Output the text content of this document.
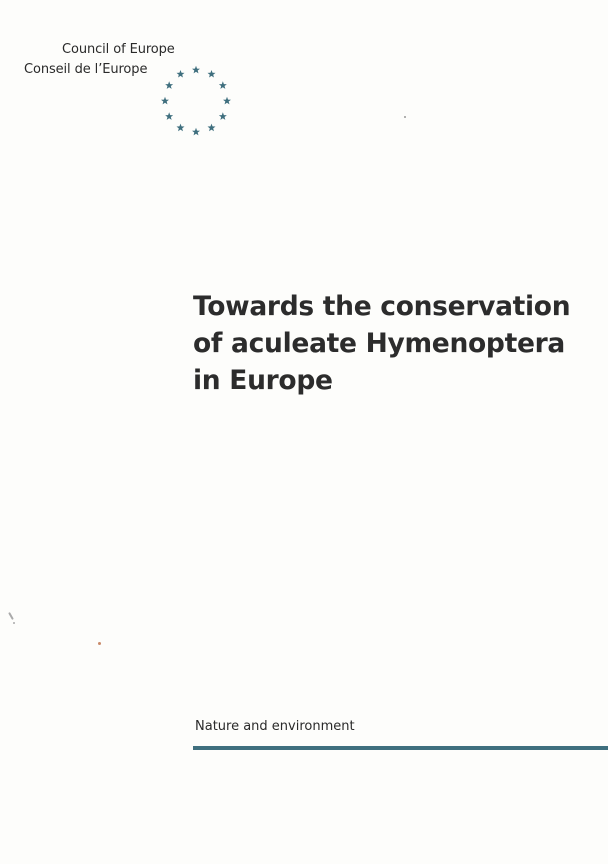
Council of Europe
Conseil de l’Europe
Towards the conservation
of aculeate Hymenoptera
in Europe
Nature and environment
